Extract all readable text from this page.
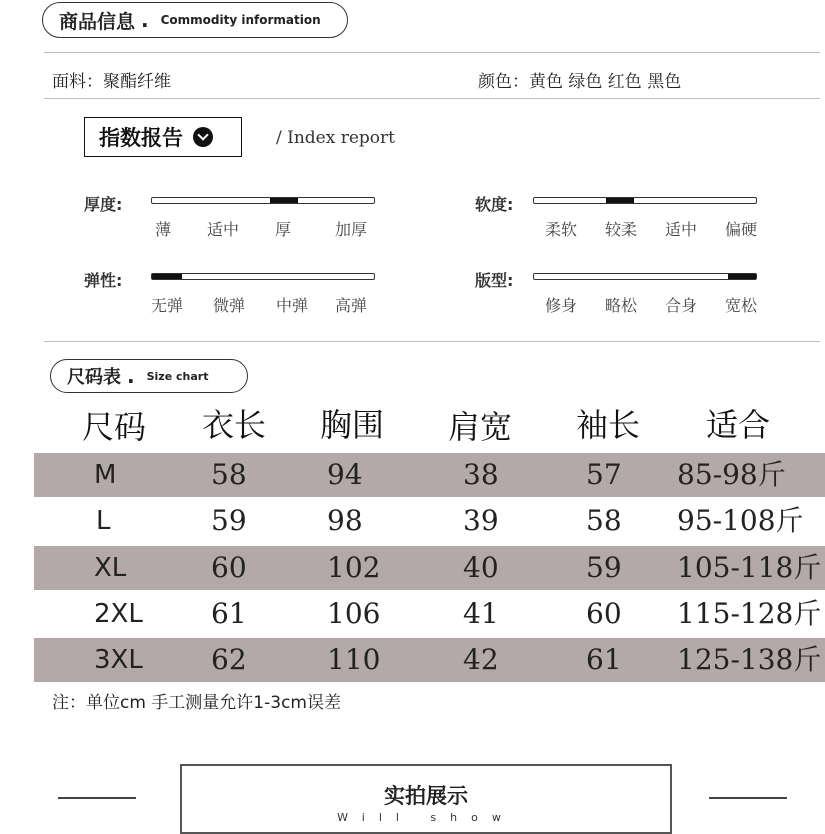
商品信息 . Commodity information
面料：聚酯纤维	颜色：黄色 绿色 红色 黑色
指数报告	/ Index report
厚度:
薄	适中	厚	加厚
软度:
柔软	较柔	适中	偏硬
弹性:
无弹	微弹	中弹	高弹
版型:
修身	略松	合身	宽松
尺码表 . Size chart
尺码 衣长 胸围 肩宽 袖长 适合
M	58	94	38	57 85-98斤
L	59	98	39	58 95-108斤
XL	60	102	40	59 105-118斤
2XL 61	106	41	60 115-128斤
3XL 62	110	42	61 125-138斤
注：单位cm 手工测量允许1-3cm误差
实拍展示
Will show
